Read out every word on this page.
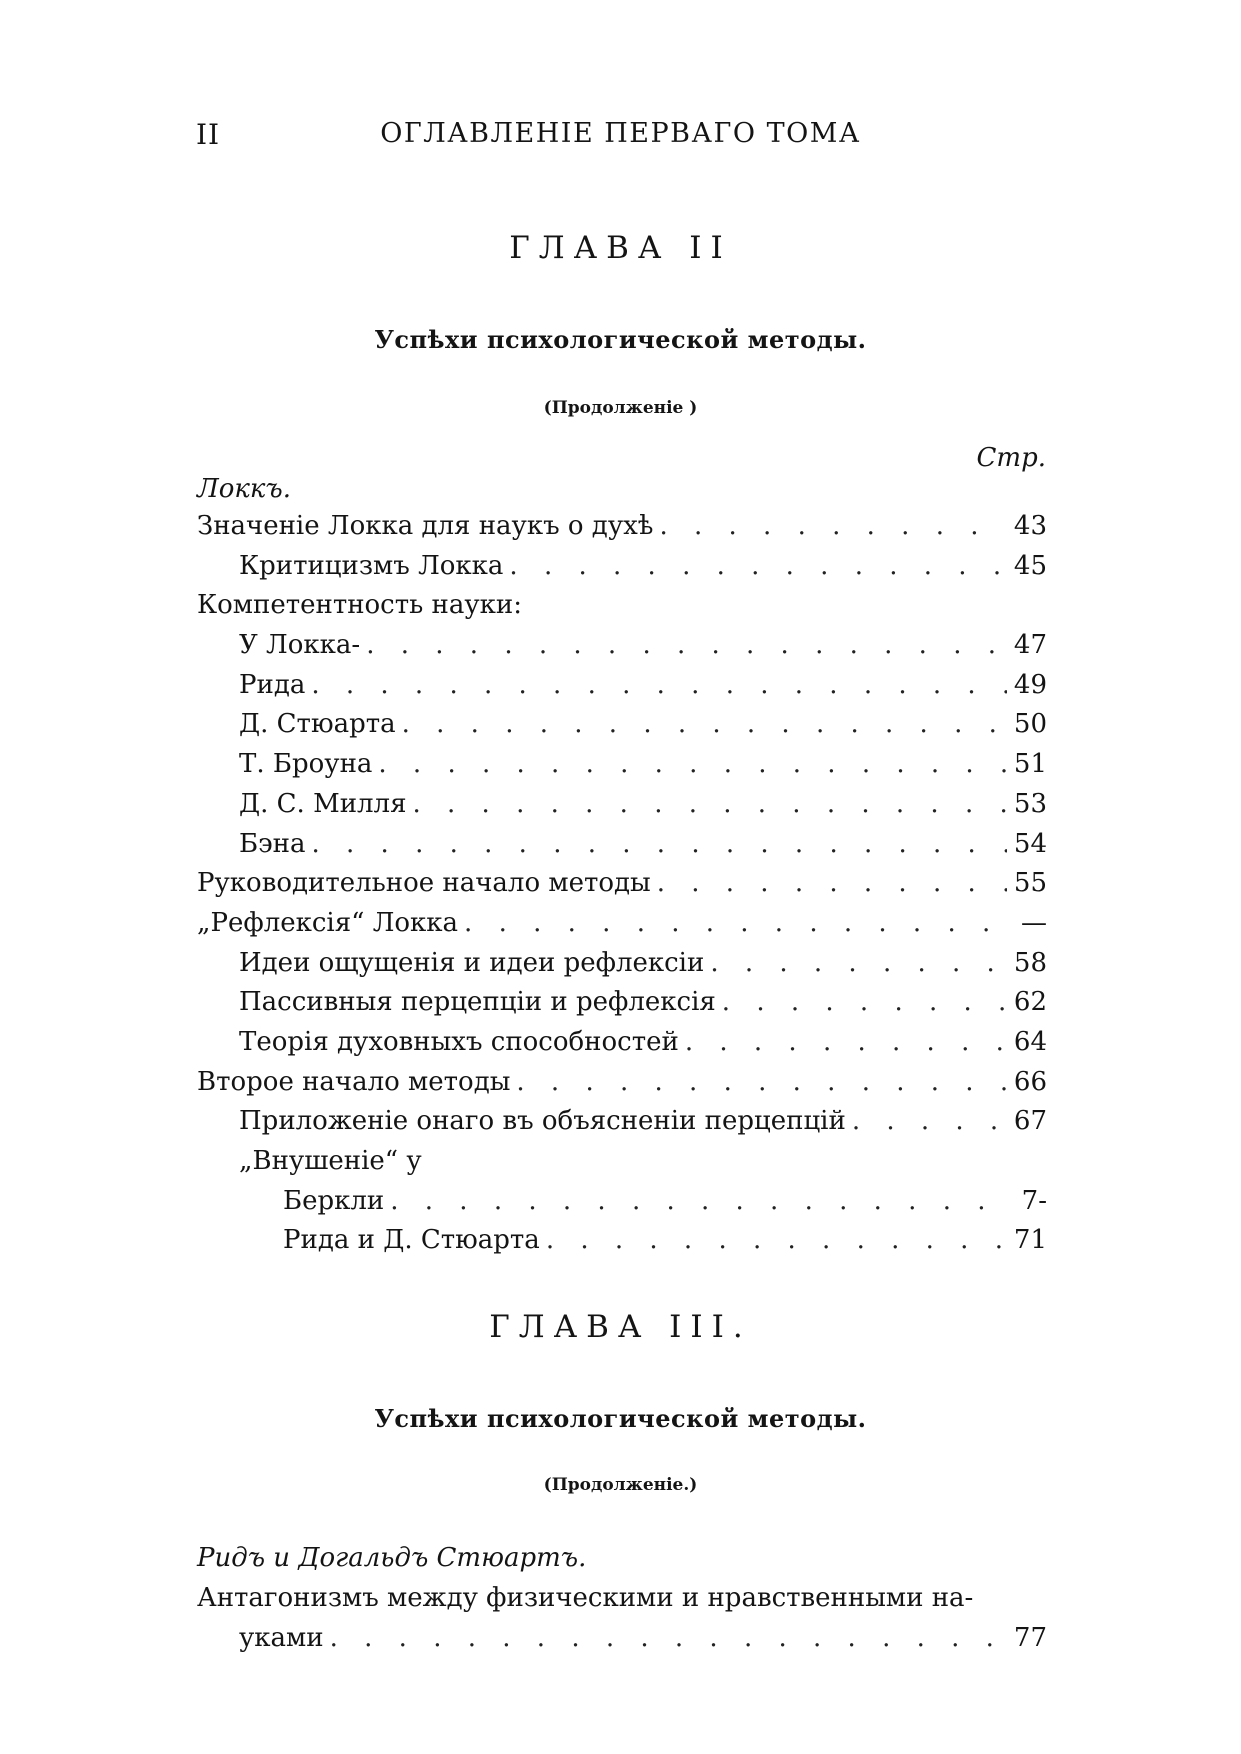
II	ОГЛАВЛЕНІЕ ПЕРВАГО ТОМА
ГЛАВА II
Успѣхи психологической методы.
(Продолженіе )
Стр.
Локкъ.
Значеніе Локка для наукъ о духѣ . . .	43
Критицизмъ Локка . . .	45
Компетентность науки:
У Локка- . . .	47
Рида . . .	49
Д. Стюарта . . .	50
Т. Броуна . . .	51
Д. С. Милля . . .	53
Бэна . . .	54
Руководительное начало методы . . .	55
„Рефлексія“ Локка . . .	—
Идеи ощущенія и идеи рефлексіи . . .	58
Пассивныя перцепціи и рефлексія . . .	62
Теорія духовныхъ способностей . . .	64
Второе начало методы . . .	66
Приложеніе онаго въ объясненіи перцепцій . . .	67
„Внушеніе“ у
Беркли . . .	7-
Рида и Д. Стюарта . . .	71
ГЛАВА III.
Успѣхи психологической методы.
(Продолженіе.)
Ридъ и Догальдъ Стюартъ.
Антагонизмъ между физическими и нравственными на-
уками . . .	77
